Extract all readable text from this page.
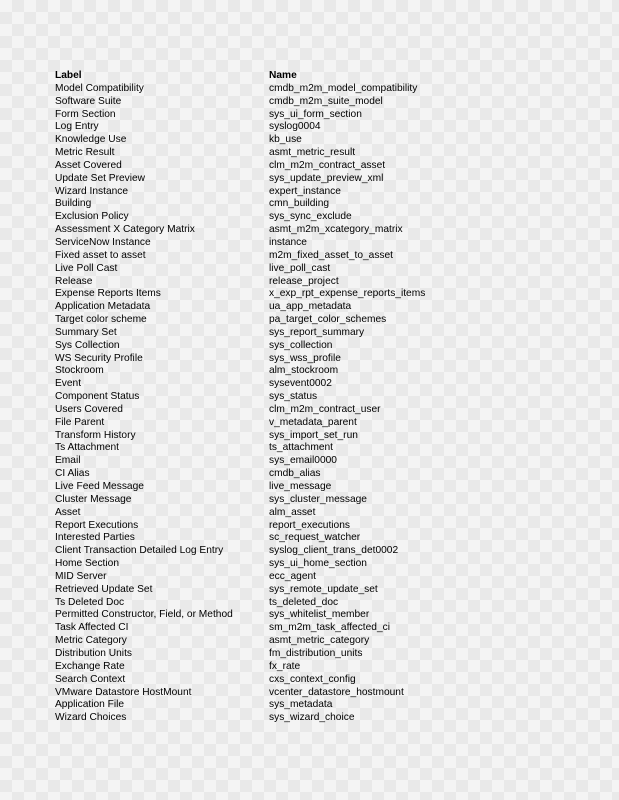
Label	Name
Model Compatibility	cmdb_m2m_model_compatibility
Software Suite	cmdb_m2m_suite_model
Form Section	sys_ui_form_section
Log Entry	syslog0004
Knowledge Use	kb_use
Metric Result	asmt_metric_result
Asset Covered	clm_m2m_contract_asset
Update Set Preview	sys_update_preview_xml
Wizard Instance	expert_instance
Building	cmn_building
Exclusion Policy	sys_sync_exclude
Assessment X Category Matrix	asmt_m2m_xcategory_matrix
ServiceNow Instance	instance
Fixed asset to asset	m2m_fixed_asset_to_asset
Live Poll Cast	live_poll_cast
Release	release_project
Expense Reports Items	x_exp_rpt_expense_reports_items
Application Metadata	ua_app_metadata
Target color scheme	pa_target_color_schemes
Summary Set	sys_report_summary
Sys Collection	sys_collection
WS Security Profile	sys_wss_profile
Stockroom	alm_stockroom
Event	sysevent0002
Component Status	sys_status
Users Covered	clm_m2m_contract_user
File Parent	v_metadata_parent
Transform History	sys_import_set_run
Ts Attachment	ts_attachment
Email	sys_email0000
CI Alias	cmdb_alias
Live Feed Message	live_message
Cluster Message	sys_cluster_message
Asset	alm_asset
Report Executions	report_executions
Interested Parties	sc_request_watcher
Client Transaction Detailed Log Entry	syslog_client_trans_det0002
Home Section	sys_ui_home_section
MID Server	ecc_agent
Retrieved Update Set	sys_remote_update_set
Ts Deleted Doc	ts_deleted_doc
Permitted Constructor, Field, or Method	sys_whitelist_member
Task Affected CI	sm_m2m_task_affected_ci
Metric Category	asmt_metric_category
Distribution Units	fm_distribution_units
Exchange Rate	fx_rate
Search Context	cxs_context_config
VMware Datastore HostMount	vcenter_datastore_hostmount
Application File	sys_metadata
Wizard Choices	sys_wizard_choice
